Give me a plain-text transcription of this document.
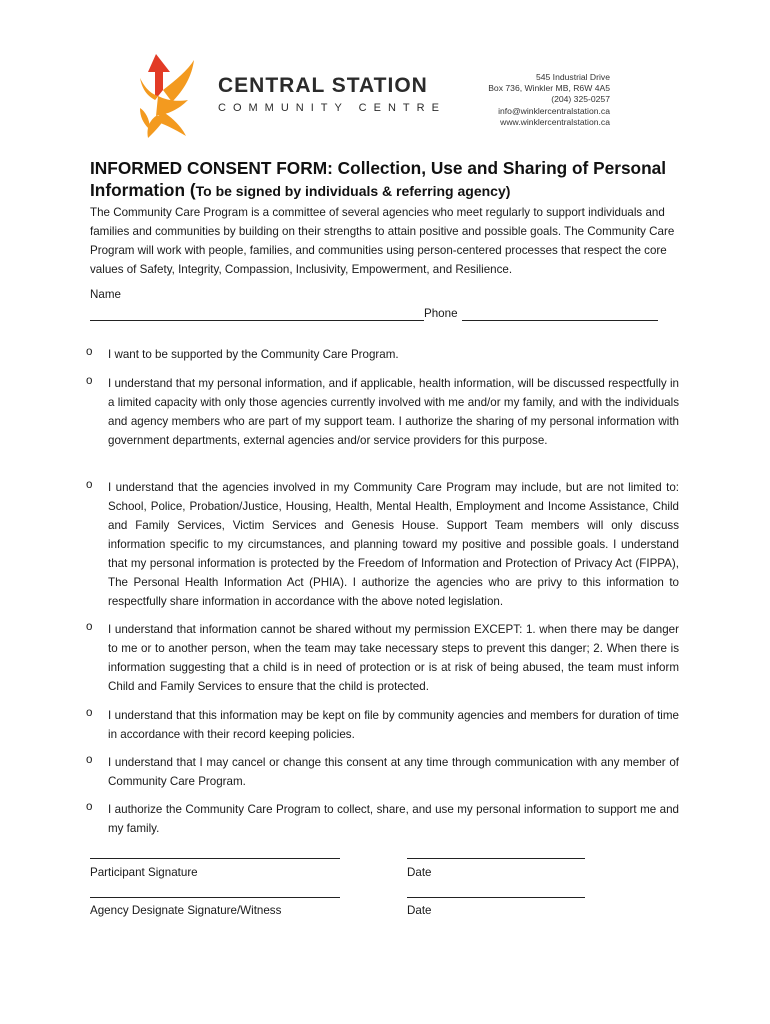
CENTRAL STATION
COMMUNITY CENTRE
545 Industrial Drive
Box 736, Winkler MB, R6W 4A5
(204) 325-0257
info@winklercentralstation.ca
www.winklercentralstation.ca
INFORMED CONSENT FORM: Collection, Use and Sharing of Personal Information (To be signed by individuals & referring agency)
The Community Care Program is a committee of several agencies who meet regularly to support individuals and families and communities by building on their strengths to attain positive and possible goals. The Community Care Program will work with people, families, and communities using person-centered processes that respect the core values of Safety, Integrity, Compassion, Inclusivity, Empowerment, and Resilience.
Name
Phone
o I want to be supported by the Community Care Program.
o I understand that my personal information, and if applicable, health information, will be discussed respectfully in a limited capacity with only those agencies currently involved with me and/or my family, and with the individuals and agency members who are part of my support team. I authorize the sharing of my personal information with government departments, external agencies and/or service providers for this purpose.
o I understand that the agencies involved in my Community Care Program may include, but are not limited to: School, Police, Probation/Justice, Housing, Health, Mental Health, Employment and Income Assistance, Child and Family Services, Victim Services and Genesis House. Support Team members will only discuss information specific to my circumstances, and planning toward my positive and possible goals. I understand that my personal information is protected by the Freedom of Information and Protection of Privacy Act (FIPPA), The Personal Health Information Act (PHIA). I authorize the agencies who are privy to this information to respectfully share information in accordance with the above noted legislation.
o I understand that information cannot be shared without my permission EXCEPT: 1. when there may be danger to me or to another person, when the team may take necessary steps to prevent this danger; 2. When there is information suggesting that a child is in need of protection or is at risk of being abused, the team must inform Child and Family Services to ensure that the child is protected.
o I understand that this information may be kept on file by community agencies and members for duration of time in accordance with their record keeping policies.
o I understand that I may cancel or change this consent at any time through communication with any member of Community Care Program.
o I authorize the Community Care Program to collect, share, and use my personal information to support me and my family.
Participant Signature	Date
Agency Designate Signature/Witness	Date
